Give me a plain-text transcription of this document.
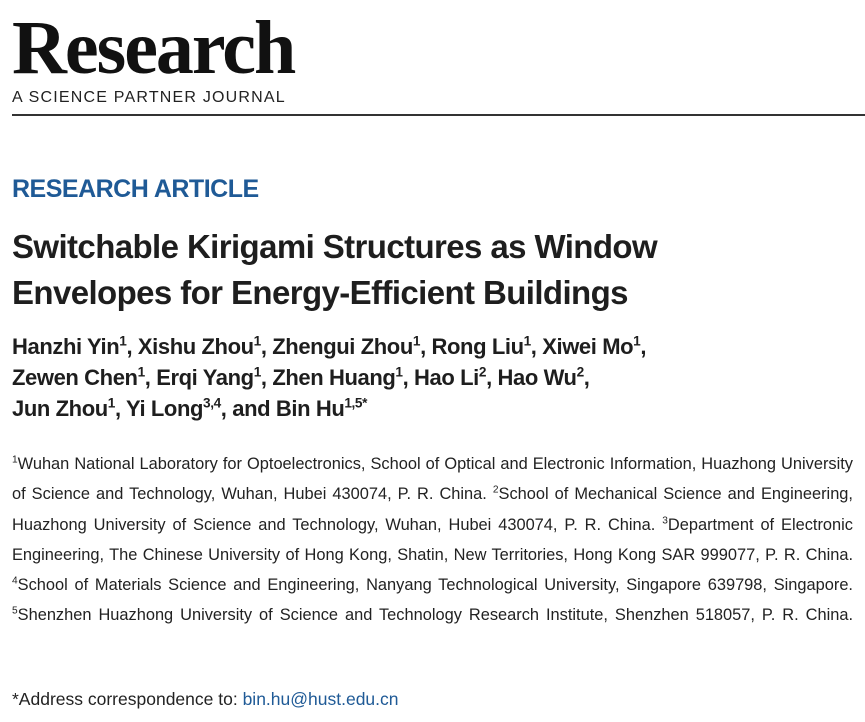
Research
A SCIENCE PARTNER JOURNAL
RESEARCH ARTICLE
Switchable Kirigami Structures as Window
Envelopes for Energy-Efficient Buildings
Hanzhi Yin$^1$, Xishu Zhou$^1$, Zhengui Zhou$^1$, Rong Liu$^1$, Xiwei Mo$^1$,
Zewen Chen$^1$, Erqi Yang$^1$, Zhen Huang$^1$, Hao Li$^2$, Hao Wu$^2$,
Jun Zhou$^1$, Yi Long$^{3,4}$, and Bin $Hu^{1,5*}$
$^1$Wuhan National Laboratory for Optoelectronics, School of Optical and Electronic Information, Huazhong University of Science and Technology, Wuhan, Hubei 430074, P. R. China. $^2$School of Mechanical Science and Engineering, Huazhong University of Science and Technology, Wuhan, Hubei 430074, P. R. China. $^3$Department of Electronic Engineering, The Chinese University of Hong Kong, Shatin, New Territories, Hong Kong SAR 999077, P. R. China. $^4$School of Materials Science and Engineering, Nanyang Technological University, Singapore 639798, Singapore. $^5$Shenzhen Huazhong University of Science and Technology Research Institute, Shenzhen 518057, P. R. China.
*Address correspondence to: bin.hu@hust.edu.cn
